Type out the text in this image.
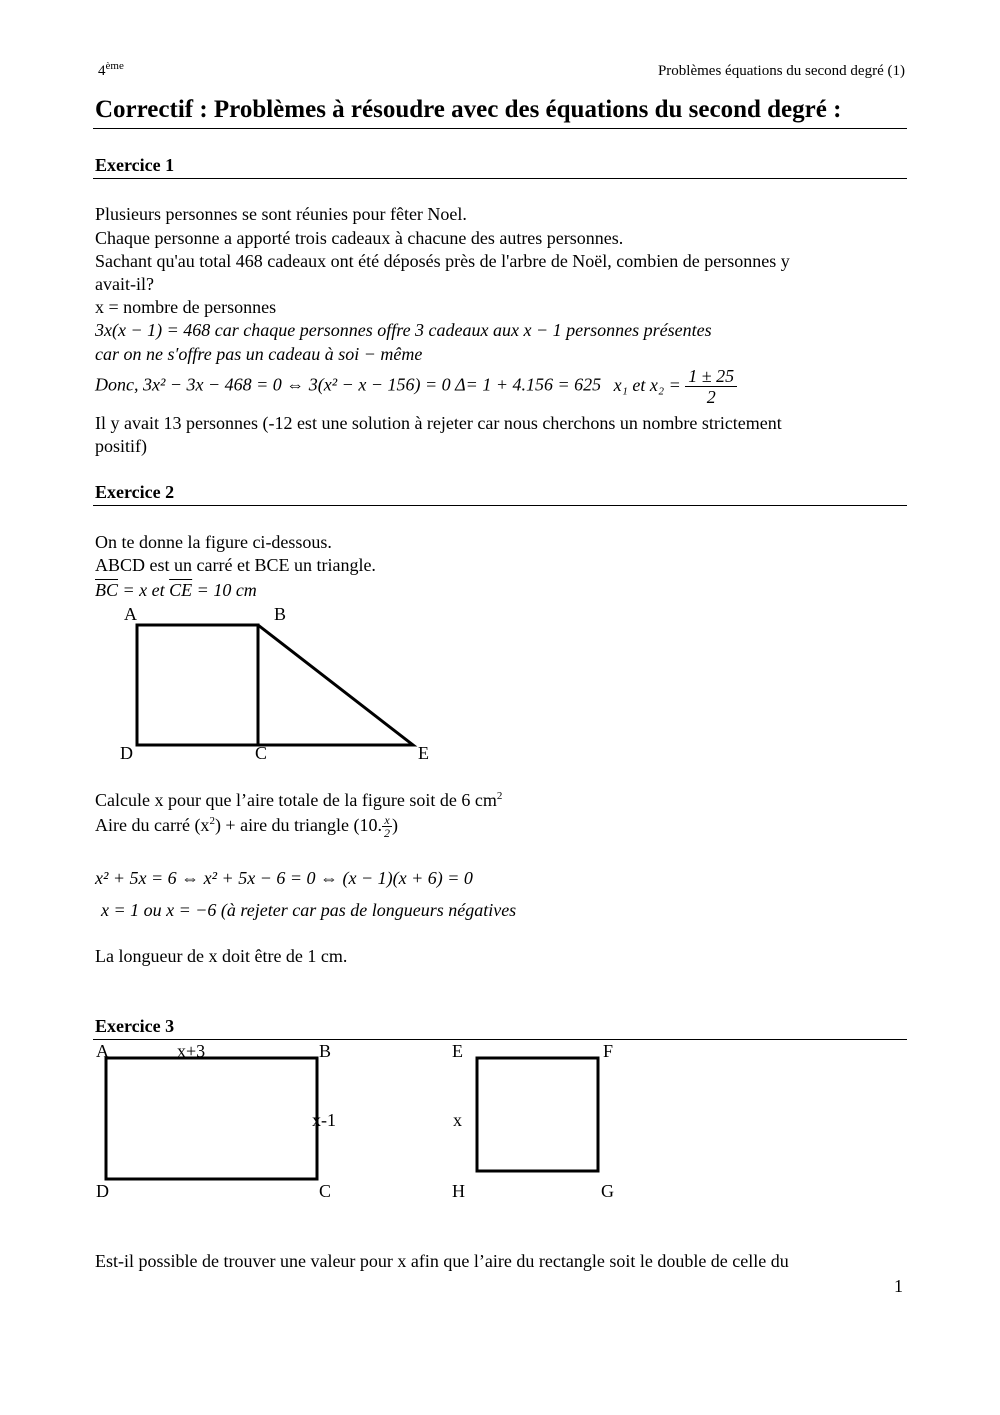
4ème	Problèmes équations du second degré (1)
Correctif : Problèmes à résoudre avec des équations du second degré :
Exercice 1
Plusieurs personnes se sont réunies pour fêter Noel.
Chaque personne a apporté trois cadeaux à chacune des autres personnes.
Sachant qu'au total 468 cadeaux ont été déposés près de l'arbre de Noël, combien de personnes y
avait-il?
x = nombre de personnes
3x(x − 1) = 468 car chaque personnes offre 3 cadeaux aux x − 1 personnes présentes
car on ne s′offre pas un cadeau à soi − même
Donc, 3x² − 3x − 468 = 0 ⇔ 3(x² − x − 156) = 0 Δ= 1 + 4.156 = 625 x₁ et $x_2 = \frac{1 \pm 25}{2}$
Il y avait 13 personnes (-12 est une solution à rejeter car nous cherchons un nombre strictement
positif)
Exercice 2
On te donne la figure ci-dessous.
ABCD est un carré et BCE un triangle.
$\overline{BC} = x$ et $\overline{CE} = 10$ cm
A	B
D	C	E
Calcule x pour que l’aire totale de la figure soit de 6 $cm^2$
Aire du carré $(x^2)$ + aire du triangle (10. $\frac{x}{2}$ )
x² + 5x = 6 ⇔ x² + 5x − 6 = 0 ⇔ (x − 1)(x + 6) = 0
x = 1 ou x = −6 (à rejeter car pas de longueurs négatives
La longueur de x doit être de 1 cm.
Exercice 3
A	x+3	B
x-1
D	C
E	F
x
H	G
Est-il possible de trouver une valeur pour x afin que l’aire du rectangle soit le double de celle du
1
